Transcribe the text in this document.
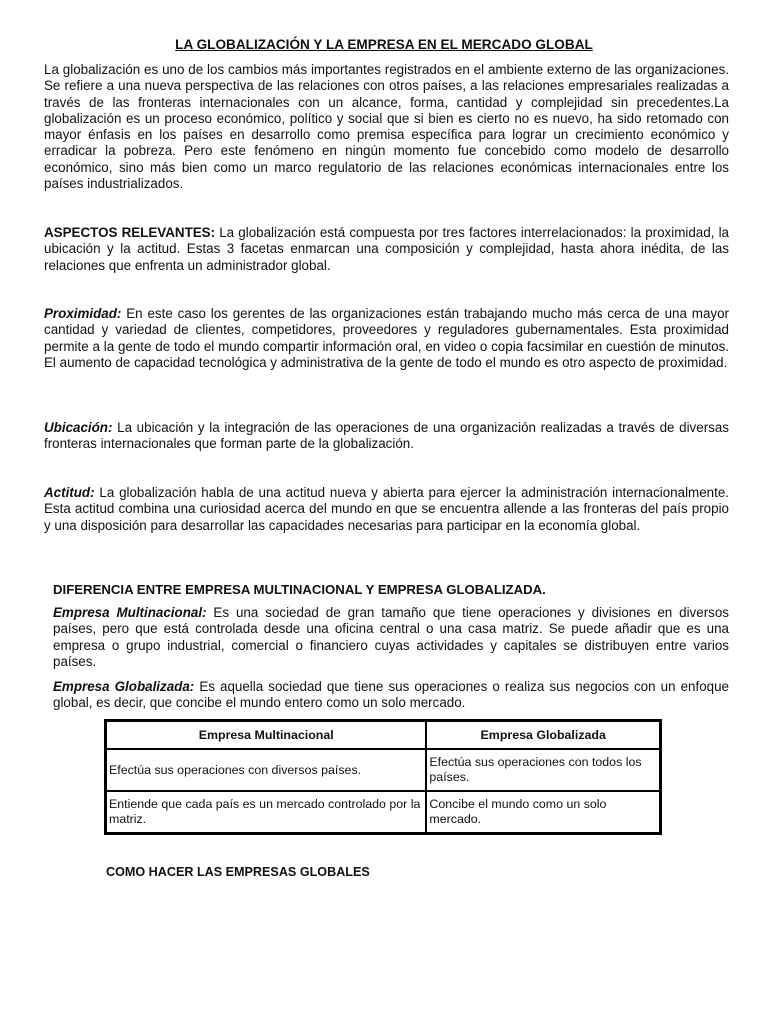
LA GLOBALIZACIÓN Y LA EMPRESA EN EL MERCADO GLOBAL

La globalización es uno de los cambios más importantes registrados en el ambiente externo de las organizaciones. Se refiere a una nueva perspectiva de las relaciones con otros países, a las relaciones empresariales realizadas a través de las fronteras internacionales con un alcance, forma, cantidad y complejidad sin precedentes.La globalización es un proceso económico, político y social que si bien es cierto no es nuevo, ha sido retomado con mayor énfasis en los países en desarrollo como premisa específica para lograr un crecimiento económico y erradicar la pobreza. Pero este fenómeno en ningún momento fue concebido como modelo de desarrollo económico, sino más bien como un marco regulatorio de las relaciones económicas internacionales entre los países industrializados.

ASPECTOS RELEVANTES: La globalización está compuesta por tres factores interrelacionados: la proximidad, la ubicación y la actitud. Estas 3 facetas enmarcan una composición y complejidad, hasta ahora inédita, de las relaciones que enfrenta un administrador global.

Proximidad: En este caso los gerentes de las organizaciones están trabajando mucho más cerca de una mayor cantidad y variedad de clientes, competidores, proveedores y reguladores gubernamentales. Esta proximidad permite a la gente de todo el mundo compartir información oral, en video o copia facsimilar en cuestión de minutos. El aumento de capacidad tecnológica y administrativa de la gente de todo el mundo es otro aspecto de proximidad.

Ubicación: La ubicación y la integración de las operaciones de una organización realizadas a través de diversas fronteras internacionales que forman parte de la globalización.

Actitud: La globalización habla de una actitud nueva y abierta para ejercer la administración internacionalmente. Esta actitud combina una curiosidad acerca del mundo en que se encuentra allende a las fronteras del país propio y una disposición para desarrollar las capacidades necesarias para participar en la economía global.

DIFERENCIA ENTRE EMPRESA MULTINACIONAL Y EMPRESA GLOBALIZADA.

Empresa Multinacional: Es una sociedad de gran tamaño que tiene operaciones y divisiones en diversos países, pero que está controlada desde una oficina central o una casa matriz. Se puede añadir que es una empresa o grupo industrial, comercial o financiero cuyas actividades y capitales se distribuyen entre varios países.

Empresa Globalizada: Es aquella sociedad que tiene sus operaciones o realiza sus negocios con un enfoque global, es decir, que concibe el mundo entero como un solo mercado.

Empresa Multinacional	Empresa Globalizada
Efectúa sus operaciones con diversos países.	Efectúa sus operaciones con todos los países.
Entiende que cada país es un mercado controlado por la matriz.	Concibe el mundo como un solo mercado.
COMO HACER LAS EMPRESAS GLOBALES
